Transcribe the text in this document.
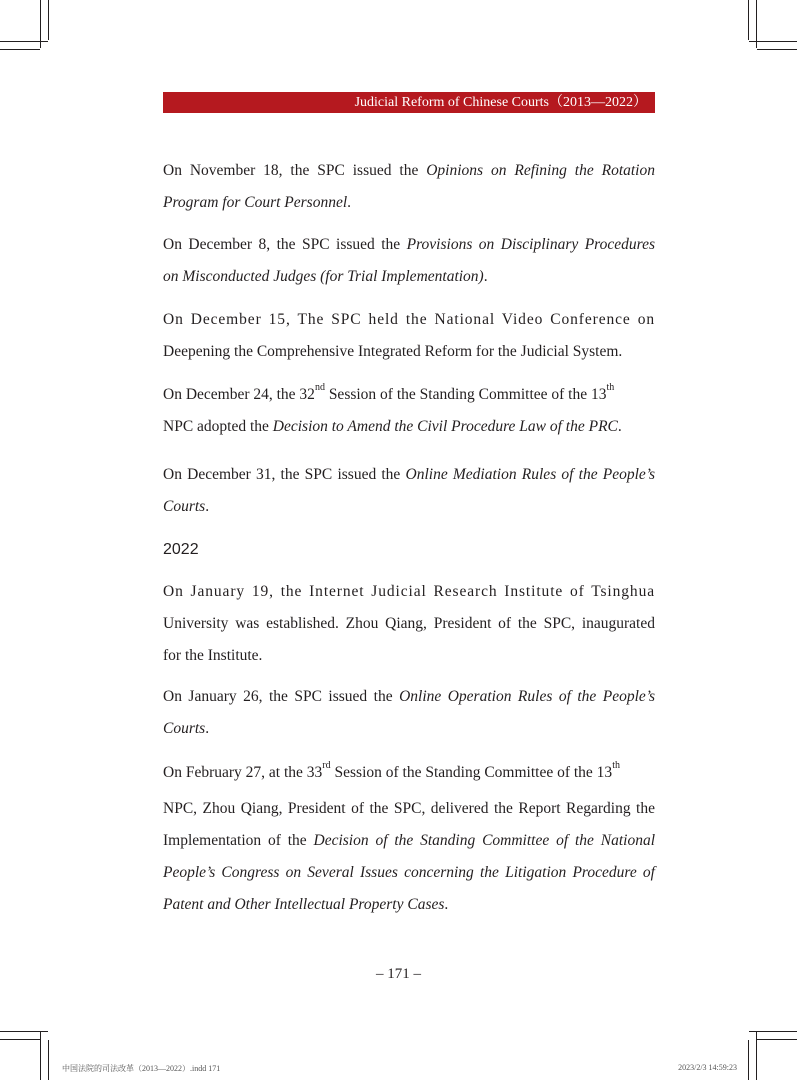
Judicial Reform of Chinese Courts（2013—2022）
On November 18, the SPC issued the Opinions on Refining the Rotation
Program for Court Personnel.
On December 8, the SPC issued the Provisions on Disciplinary Procedures
on Misconducted Judges (for Trial Implementation).
On December 15, The SPC held the National Video Conference on
Deepening the Comprehensive Integrated Reform for the Judicial System.
On December 24, the 32nd Session of the Standing Committee of the 13th
NPC adopted the Decision to Amend the Civil Procedure Law of the PRC.
On December 31, the SPC issued the Online Mediation Rules of the People’s
Courts.
2022
On January 19, the Internet Judicial Research Institute of Tsinghua
University was established. Zhou Qiang, President of the SPC, inaugurated
for the Institute.
On January 26, the SPC issued the Online Operation Rules of the People’s
Courts.
On February 27, at the 33rd Session of the Standing Committee of the 13th
NPC, Zhou Qiang, President of the SPC, delivered the Report Regarding the
Implementation of the Decision of the Standing Committee of the National
People’s Congress on Several Issues concerning the Litigation Procedure of
Patent and Other Intellectual Property Cases.
– 171 –
中国法院的司法改革（2013—2022）.indd 171	2023/2/3 14:59:23
